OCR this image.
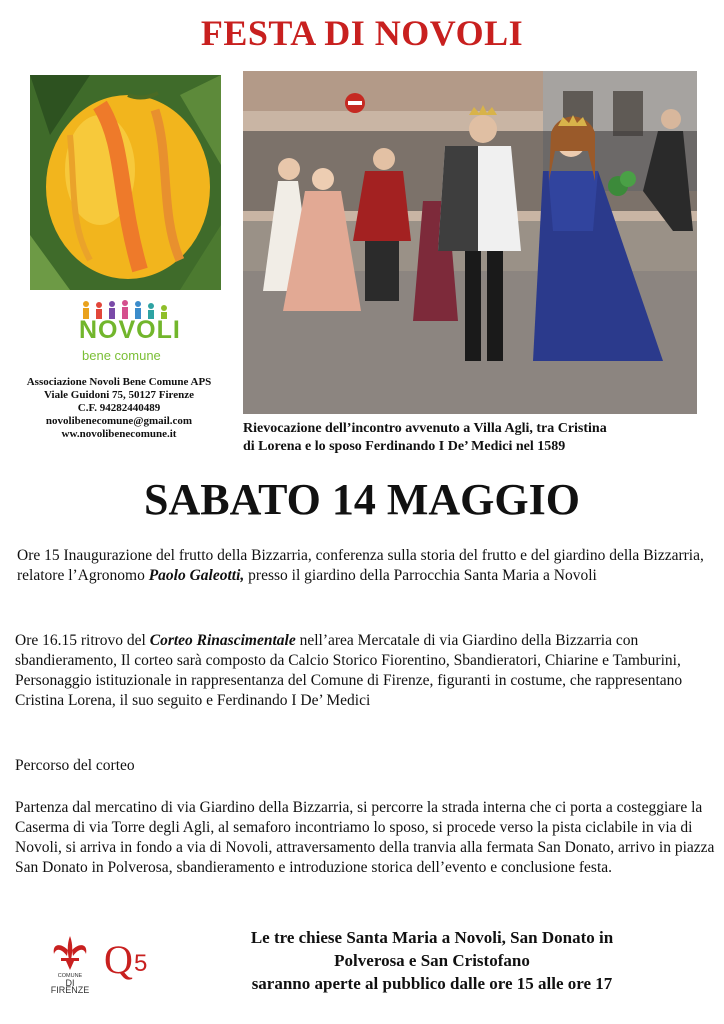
FESTA DI NOVOLI
NOVOLI
bene comune
Associazione Novoli Bene Comune APS
Viale Guidoni 75, 50127 Firenze
C.F. 94282440489
novolibenecomune@gmail.com
ww.novolibenecomune.it	Rievocazione dell’incontro avvenuto a Villa Agli, tra Cristina
di Lorena e lo sposo Ferdinando I De’ Medici nel 1589
SABATO 14 MAGGIO
Ore 15 Inaugurazione del frutto della Bizzarria, conferenza sulla storia del frutto e del giardino della Bizzarria, relatore l’Agronomo Paolo Galeotti, presso il giardino della Parrocchia Santa Maria a Novoli
Ore 16.15 ritrovo del Corteo Rinascimentale nell’area Mercatale di via Giardino della Bizzarria con sbandieramento, Il corteo sarà composto da Calcio Storico Fiorentino, Sbandieratori, Chiarine e Tamburini, Personaggio istituzionale in rappresentanza del Comune di Firenze, figuranti in costume, che rappresentano Cristina Lorena, il suo seguito e Ferdinando I De’ Medici
Percorso del corteo
Partenza dal mercatino di via Giardino della Bizzarria, si percorre la strada interna che ci porta a costeggiare la Caserma di via Torre degli Agli, al semaforo incontriamo lo sposo, si procede verso la pista ciclabile in via di Novoli, si arriva in fondo a via di Novoli, attraversamento della tranvia alla fermata San Donato, arrivo in piazza San Donato in Polverosa, sbandieramento e introduzione storica dell’evento e conclusione festa.
COMUNE
DI FIRENZE
Q 5
Le tre chiese Santa Maria a Novoli, San Donato in
Polverosa e San Cristofano
saranno aperte al pubblico dalle ore 15 alle ore 17
